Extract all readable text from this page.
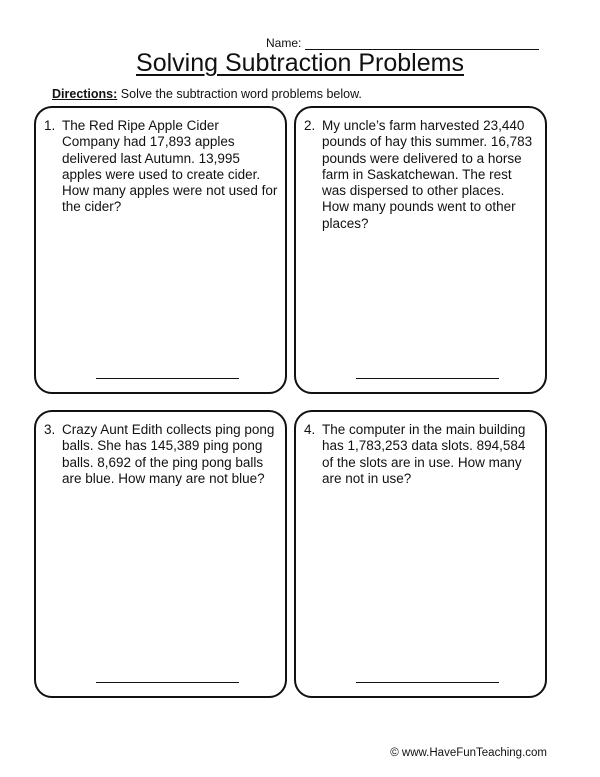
Name:
Solving Subtraction Problems
Directions: Solve the subtraction word problems below.
1. The Red Ripe Apple Cider
Company had 17,893 apples
delivered last Autumn. 13,995
apples were used to create cider.
How many apples were not used for
the cider?
2. My uncle’s farm harvested 23,440
pounds of hay this summer. 16,783
pounds were delivered to a horse
farm in Saskatchewan. The rest
was dispersed to other places.
How many pounds went to other
places?
3. Crazy Aunt Edith collects ping pong
balls. She has 145,389 ping pong
balls. 8,692 of the ping pong balls
are blue. How many are not blue?
4. The computer in the main building
has 1,783,253 data slots. 894,584
of the slots are in use. How many
are not in use?
© www.HaveFunTeaching.com
